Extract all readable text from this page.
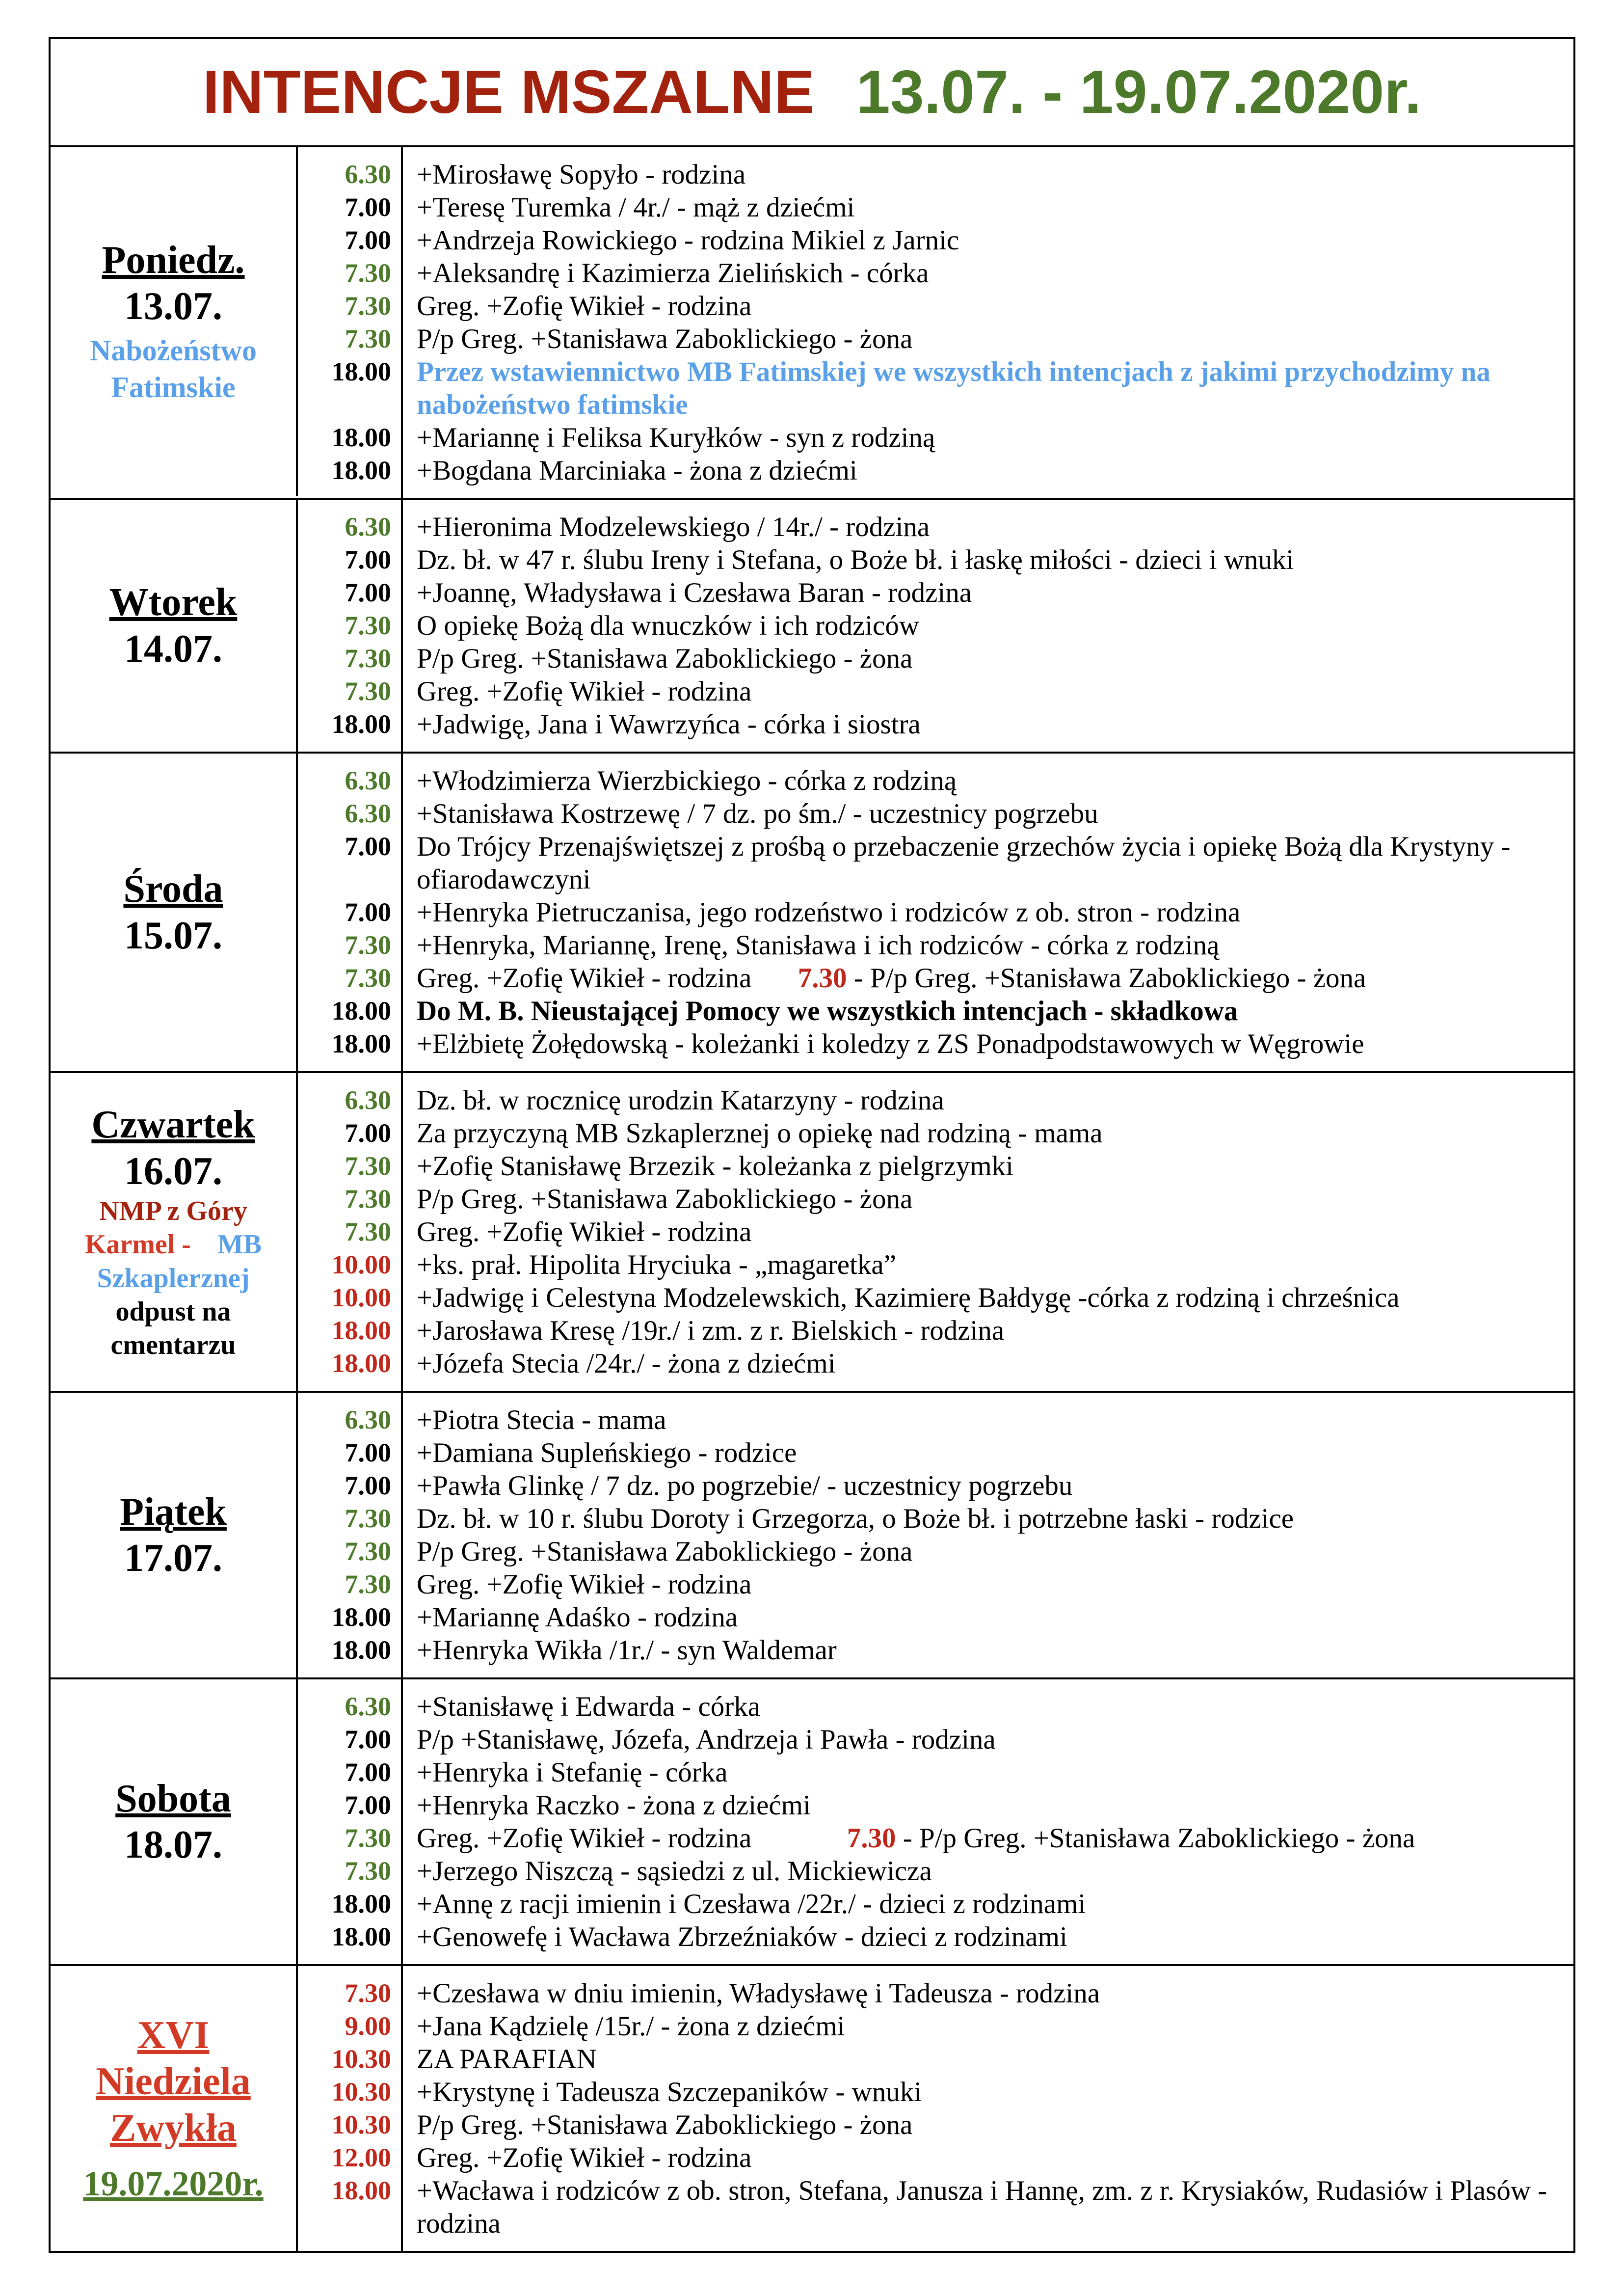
INTENCJE MSZALNE 13.07. - 19.07.2020r.
Poniedz.
13.07.
Nabożeństwo
Fatimskie
6.30
7.00
7.00
7.30
7.30
7.30
18.00
18.00
18.00
+Mirosławę Sopyło - rodzina
+Teresę Turemka / 4r./ - mąż z dziećmi
+Andrzeja Rowickiego - rodzina Mikiel z Jarnic
+Aleksandrę i Kazimierza Zielińskich - córka
Greg. +Zofię Wikieł - rodzina
P/p Greg. +Stanisława Zaboklickiego - żona
Przez wstawiennictwo MB Fatimskiej we wszystkich intencjach z jakimi przychodzimy na nabożeństwo fatimskie
+Mariannę i Feliksa Kuryłków - syn z rodziną
+Bogdana Marciniaka - żona z dziećmi
Wtorek
14.07.
6.30
7.00
7.00
7.30
7.30
7.30
18.00
+Hieronima Modzelewskiego / 14r./ - rodzina
Dz. bł. w 47 r. ślubu Ireny i Stefana, o Boże bł. i łaskę miłości - dzieci i wnuki
+Joannę, Władysława i Czesława Baran - rodzina
O opiekę Bożą dla wnuczków i ich rodziców
P/p Greg. +Stanisława Zaboklickiego - żona
Greg. +Zofię Wikieł - rodzina
+Jadwigę, Jana i Wawrzyńca - córka i siostra
Środa
15.07.
6.30
6.30
7.00
7.00
7.30
7.30
18.00
18.00
+Włodzimierza Wierzbickiego - córka z rodziną
+Stanisława Kostrzewę / 7 dz. po śm./ - uczestnicy pogrzebu
Do Trójcy Przenajświętszej z prośbą o przebaczenie grzechów życia i opiekę Bożą dla Krystyny - ofiarodawczyni
+Henryka Pietruczanisa, jego rodzeństwo i rodziców z ob. stron - rodzina
+Henryka, Mariannę, Irenę, Stanisława i ich rodziców - córka z rodziną
Greg. +Zofię Wikieł - rodzina 7.30 - P/p Greg. +Stanisława Zaboklickiego - żona
Do M. B. Nieustającej Pomocy we wszystkich intencjach - składkowa
+Elżbietę Żołędowską - koleżanki i koledzy z ZS Ponadpodstawowych w Węgrowie
Czwartek
16.07.
NMP z Góry
Karmel - MB
Szkaplerznej
odpust na
cmentarzu
6.30
7.00
7.30
7.30
7.30
10.00
10.00
18.00
18.00
Dz. bł. w rocznicę urodzin Katarzyny - rodzina
Za przyczyną MB Szkaplerznej o opiekę nad rodziną - mama
+Zofię Stanisławę Brzezik - koleżanka z pielgrzymki
P/p Greg. +Stanisława Zaboklickiego - żona
Greg. +Zofię Wikieł - rodzina
+ks. prał. Hipolita Hryciuka - „magaretka”
+Jadwigę i Celestyna Modzelewskich, Kazimierę Bałdygę -córka z rodziną i chrześnica
+Jarosława Kresę /19r./ i zm. z r. Bielskich - rodzina
+Józefa Stecia /24r./ - żona z dziećmi
Piątek
17.07.
6.30
7.00
7.00
7.30
7.30
7.30
18.00
18.00
+Piotra Stecia - mama
+Damiana Supleńskiego - rodzice
+Pawła Glinkę / 7 dz. po pogrzebie/ - uczestnicy pogrzebu
Dz. bł. w 10 r. ślubu Doroty i Grzegorza, o Boże bł. i potrzebne łaski - rodzice
P/p Greg. +Stanisława Zaboklickiego - żona
Greg. +Zofię Wikieł - rodzina
+Mariannę Adaśko - rodzina
+Henryka Wikła /1r./ - syn Waldemar
Sobota
18.07.
6.30
7.00
7.00
7.00
7.30
7.30
18.00
18.00
+Stanisławę i Edwarda - córka
P/p +Stanisławę, Józefa, Andrzeja i Pawła - rodzina
+Henryka i Stefanię - córka
+Henryka Raczko - żona z dziećmi
Greg. +Zofię Wikieł - rodzina	7.30 - P/p Greg. +Stanisława Zaboklickiego - żona
+Jerzego Niszczą - sąsiedzi z ul. Mickiewicza
+Annę z racji imienin i Czesława /22r./ - dzieci z rodzinami
+Genowefę i Wacława Zbrzeźniaków - dzieci z rodzinami
XVI
Niedziela
Zwykła
19.07.2020r.
7.30
9.00
10.30
10.30
10.30
12.00
18.00
+Czesława w dniu imienin, Władysławę i Tadeusza - rodzina
+Jana Kądzielę /15r./ - żona z dziećmi
ZA PARAFIAN
+Krystynę i Tadeusza Szczepaników - wnuki
P/p Greg. +Stanisława Zaboklickiego - żona
Greg. +Zofię Wikieł - rodzina
+Wacława i rodziców z ob. stron, Stefana, Janusza i Hannę, zm. z r. Krysiaków, Rudasiów i Plasów - rodzina
